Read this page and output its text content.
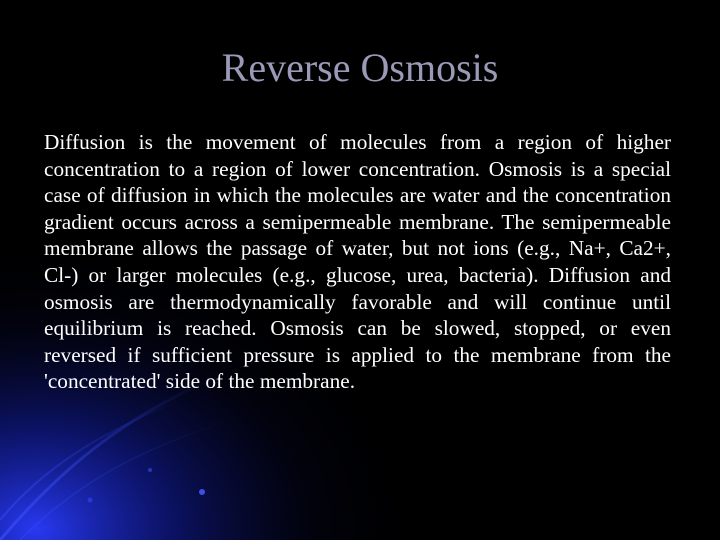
Reverse Osmosis

Diffusion is the movement of molecules from a region of higher concentration to a region of lower concentration. Osmosis is a special case of diffusion in which the molecules are water and the concentration gradient occurs across a semipermeable membrane. The semipermeable membrane allows the passage of water, but not ions (e.g., Na+, Ca2+, Cl-) or larger molecules (e.g., glucose, urea, bacteria). Diffusion and osmosis are thermodynamically favorable and will continue until equilibrium is reached. Osmosis can be slowed, stopped, or even reversed if sufficient pressure is applied to the membrane from the 'concentrated' side of the membrane.
